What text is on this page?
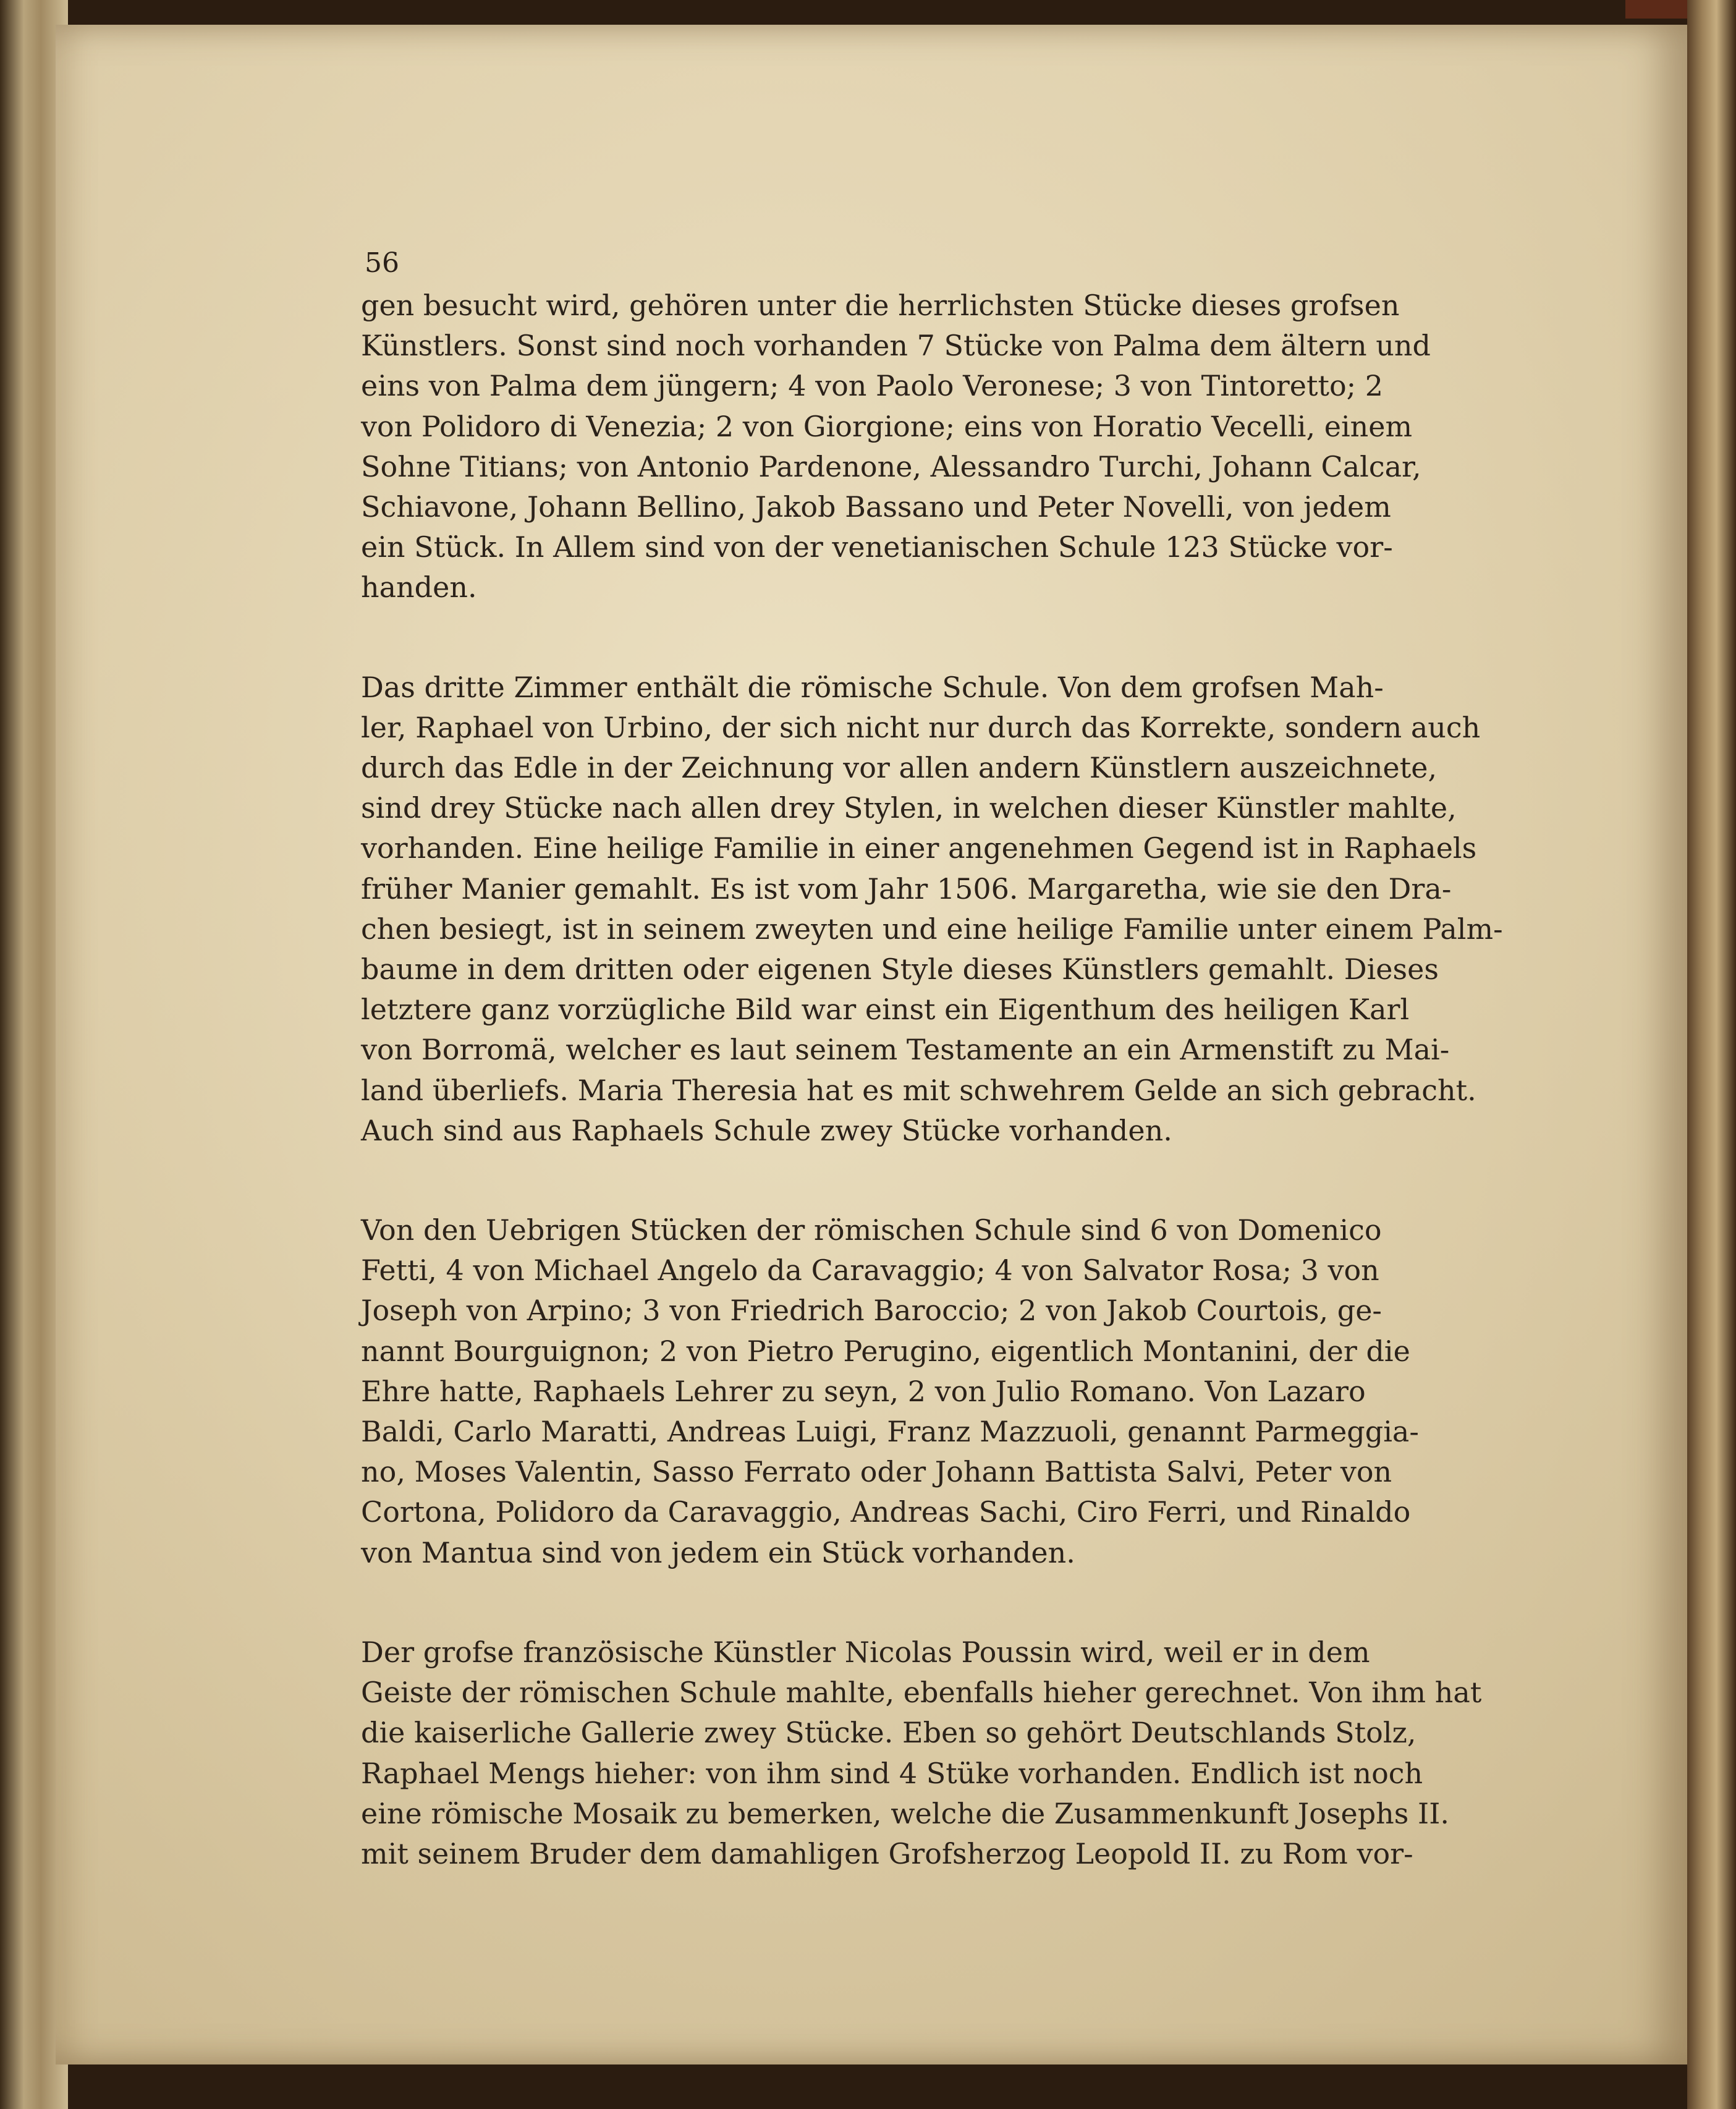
56

gen besucht wird, gehören unter die herrlichsten Stücke dieses grofsen
Künstlers. Sonst sind noch vorhanden 7 Stücke von Palma dem ältern und
eins von Palma dem jüngern; 4 von Paolo Veronese; 3 von Tintoretto; 2
von Polidoro di Venezia; 2 von Giorgione; eins von Horatio Vecelli, einem
Sohne Titians; von Antonio Pardenone, Alessandro Turchi, Johann Calcar,
Schiavone, Johann Bellino, Jakob Bassano und Peter Novelli, von jedem
ein Stück. In Allem sind von der venetianischen Schule 123 Stücke vor-
handen.

Das dritte Zimmer enthält die römische Schule. Von dem grofsen Mah-
ler, Raphael von Urbino, der sich nicht nur durch das Korrekte, sondern auch
durch das Edle in der Zeichnung vor allen andern Künstlern auszeichnete,
sind drey Stücke nach allen drey Stylen, in welchen dieser Künstler mahlte,
vorhanden. Eine heilige Familie in einer angenehmen Gegend ist in Raphaels
früher Manier gemahlt. Es ist vom Jahr 1506. Margaretha, wie sie den Dra-
chen besiegt, ist in seinem zweyten und eine heilige Familie unter einem Palm-
baume in dem dritten oder eigenen Style dieses Künstlers gemahlt. Dieses
letztere ganz vorzügliche Bild war einst ein Eigenthum des heiligen Karl
von Borromä, welcher es laut seinem Testamente an ein Armenstift zu Mai-
land überliefs. Maria Theresia hat es mit schwehrem Gelde an sich gebracht.
Auch sind aus Raphaels Schule zwey Stücke vorhanden.

Von den Uebrigen Stücken der römischen Schule sind 6 von Domenico
Fetti, 4 von Michael Angelo da Caravaggio; 4 von Salvator Rosa; 3 von
Joseph von Arpino; 3 von Friedrich Baroccio; 2 von Jakob Courtois, ge-
nannt Bourguignon; 2 von Pietro Perugino, eigentlich Montanini, der die
Ehre hatte, Raphaels Lehrer zu seyn, 2 von Julio Romano. Von Lazaro
Baldi, Carlo Maratti, Andreas Luigi, Franz Mazzuoli, genannt Parmeggia-
no, Moses Valentin, Sasso Ferrato oder Johann Battista Salvi, Peter von
Cortona, Polidoro da Caravaggio, Andreas Sachi, Ciro Ferri, und Rinaldo
von Mantua sind von jedem ein Stück vorhanden.

Der grofse französische Künstler Nicolas Poussin wird, weil er in dem
Geiste der römischen Schule mahlte, ebenfalls hieher gerechnet. Von ihm hat
die kaiserliche Gallerie zwey Stücke. Eben so gehört Deutschlands Stolz,
Raphael Mengs hieher: von ihm sind 4 Stüke vorhanden. Endlich ist noch
eine römische Mosaik zu bemerken, welche die Zusammenkunft Josephs II.
mit seinem Bruder dem damahligen Grofsherzog Leopold II. zu Rom vor-
